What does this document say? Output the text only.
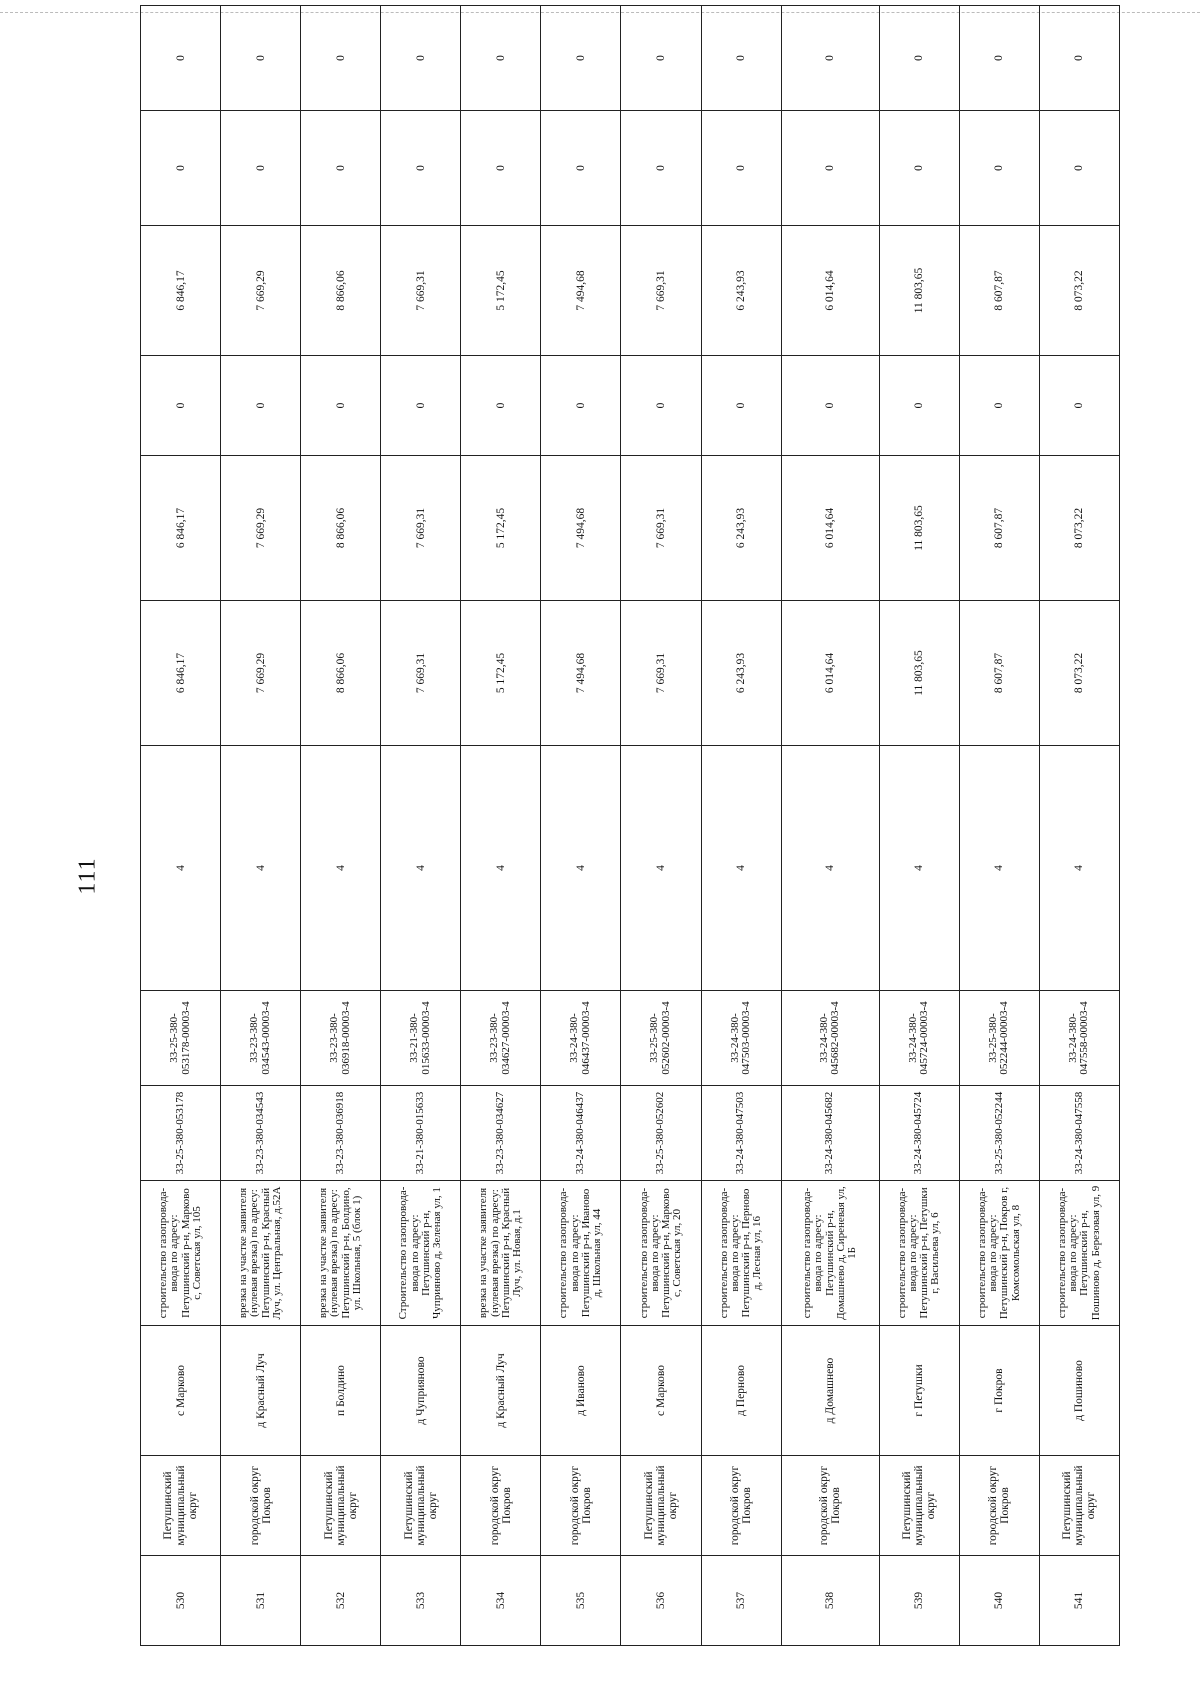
111
530	Петушинский муниципальный округ	с Марково	строительство газопровода-ввода по адресу: Петушинский р-н, Марково с, Советская ул, 105	33-25-380-053178	33-25-380-053178-00003-4	4	6 846,17	6 846,17	0	6 846,17	0	0
531	городской округ Покров	д Красный Луч	врезка на участке заявителя (нулевая врезка) по адресу: Петушинский р-н, Красный Луч, ул. Центральная, д.52А	33-23-380-034543	33-23-380-034543-00003-4	4	7 669,29	7 669,29	0	7 669,29	0	0
532	Петушинский муниципальный округ	п Болдино	врезка на участке заявителя (нулевая врезка) по адресу: Петушинский р-н, Болдино, ул. Школьная, 5 (блок 1)	33-23-380-036918	33-23-380-036918-00003-4	4	8 866,06	8 866,06	0	8 866,06	0	0
533	Петушинский муниципальный округ	д Чуприяново	Строительство газопровода-ввода по адресу: Петушинский р-н, Чуприяново д, Зеленая ул, 1	33-21-380-015633	33-21-380-015633-00003-4	4	7 669,31	7 669,31	0	7 669,31	0	0
534	городской округ Покров	д Красный Луч	врезка на участке заявителя (нулевая врезка) по адресу: Петушинский р-н, Красный Луч, ул. Новая, д.1	33-23-380-034627	33-23-380-034627-00003-4	4	5 172,45	5 172,45	0	5 172,45	0	0
535	городской округ Покров	д Иваново	строительство газопровода-ввода по адресу: Петушинский р-н, Иваново д, Школьная ул, 44	33-24-380-046437	33-24-380-046437-00003-4	4	7 494,68	7 494,68	0	7 494,68	0	0
536	Петушинский муниципальный округ	с Марково	строительство газопровода-ввода по адресу: Петушинский р-н, Марково с, Советская ул, 20	33-25-380-052602	33-25-380-052602-00003-4	4	7 669,31	7 669,31	0	7 669,31	0	0
537	городской округ Покров	д Перново	строительство газопровода-ввода по адресу: Петушинский р-н, Перново д, Лесная ул, 16	33-24-380-047503	33-24-380-047503-00003-4	4	6 243,93	6 243,93	0	6 243,93	0	0
538	городской округ Покров	д Домашнево	строительство газопровода-ввода по адресу: Петушинский р-н, Домашнево д, Сиреневая ул, 1Б	33-24-380-045682	33-24-380-045682-00003-4	4	6 014,64	6 014,64	0	6 014,64	0	0
539	Петушинский муниципальный округ	г Петушки	строительство газопровода-ввода по адресу: Петушинский р-н, Петушки г, Васильева ул, 6	33-24-380-045724	33-24-380-045724-00003-4	4	11 803,65	11 803,65	0	11 803,65	0	0
540	городской округ Покров	г Покров	строительство газопровода-ввода по адресу: Петушинский р-н, Покров г, Комсомольская ул, 8	33-25-380-052244	33-25-380-052244-00003-4	4	8 607,87	8 607,87	0	8 607,87	0	0
541	Петушинский муниципальный округ	д Пошиново	строительство газопровода-ввода по адресу: Петушинский р-н, Пошиново д, Березовая ул, 9	33-24-380-047558	33-24-380-047558-00003-4	4	8 073,22	8 073,22	0	8 073,22	0	0
